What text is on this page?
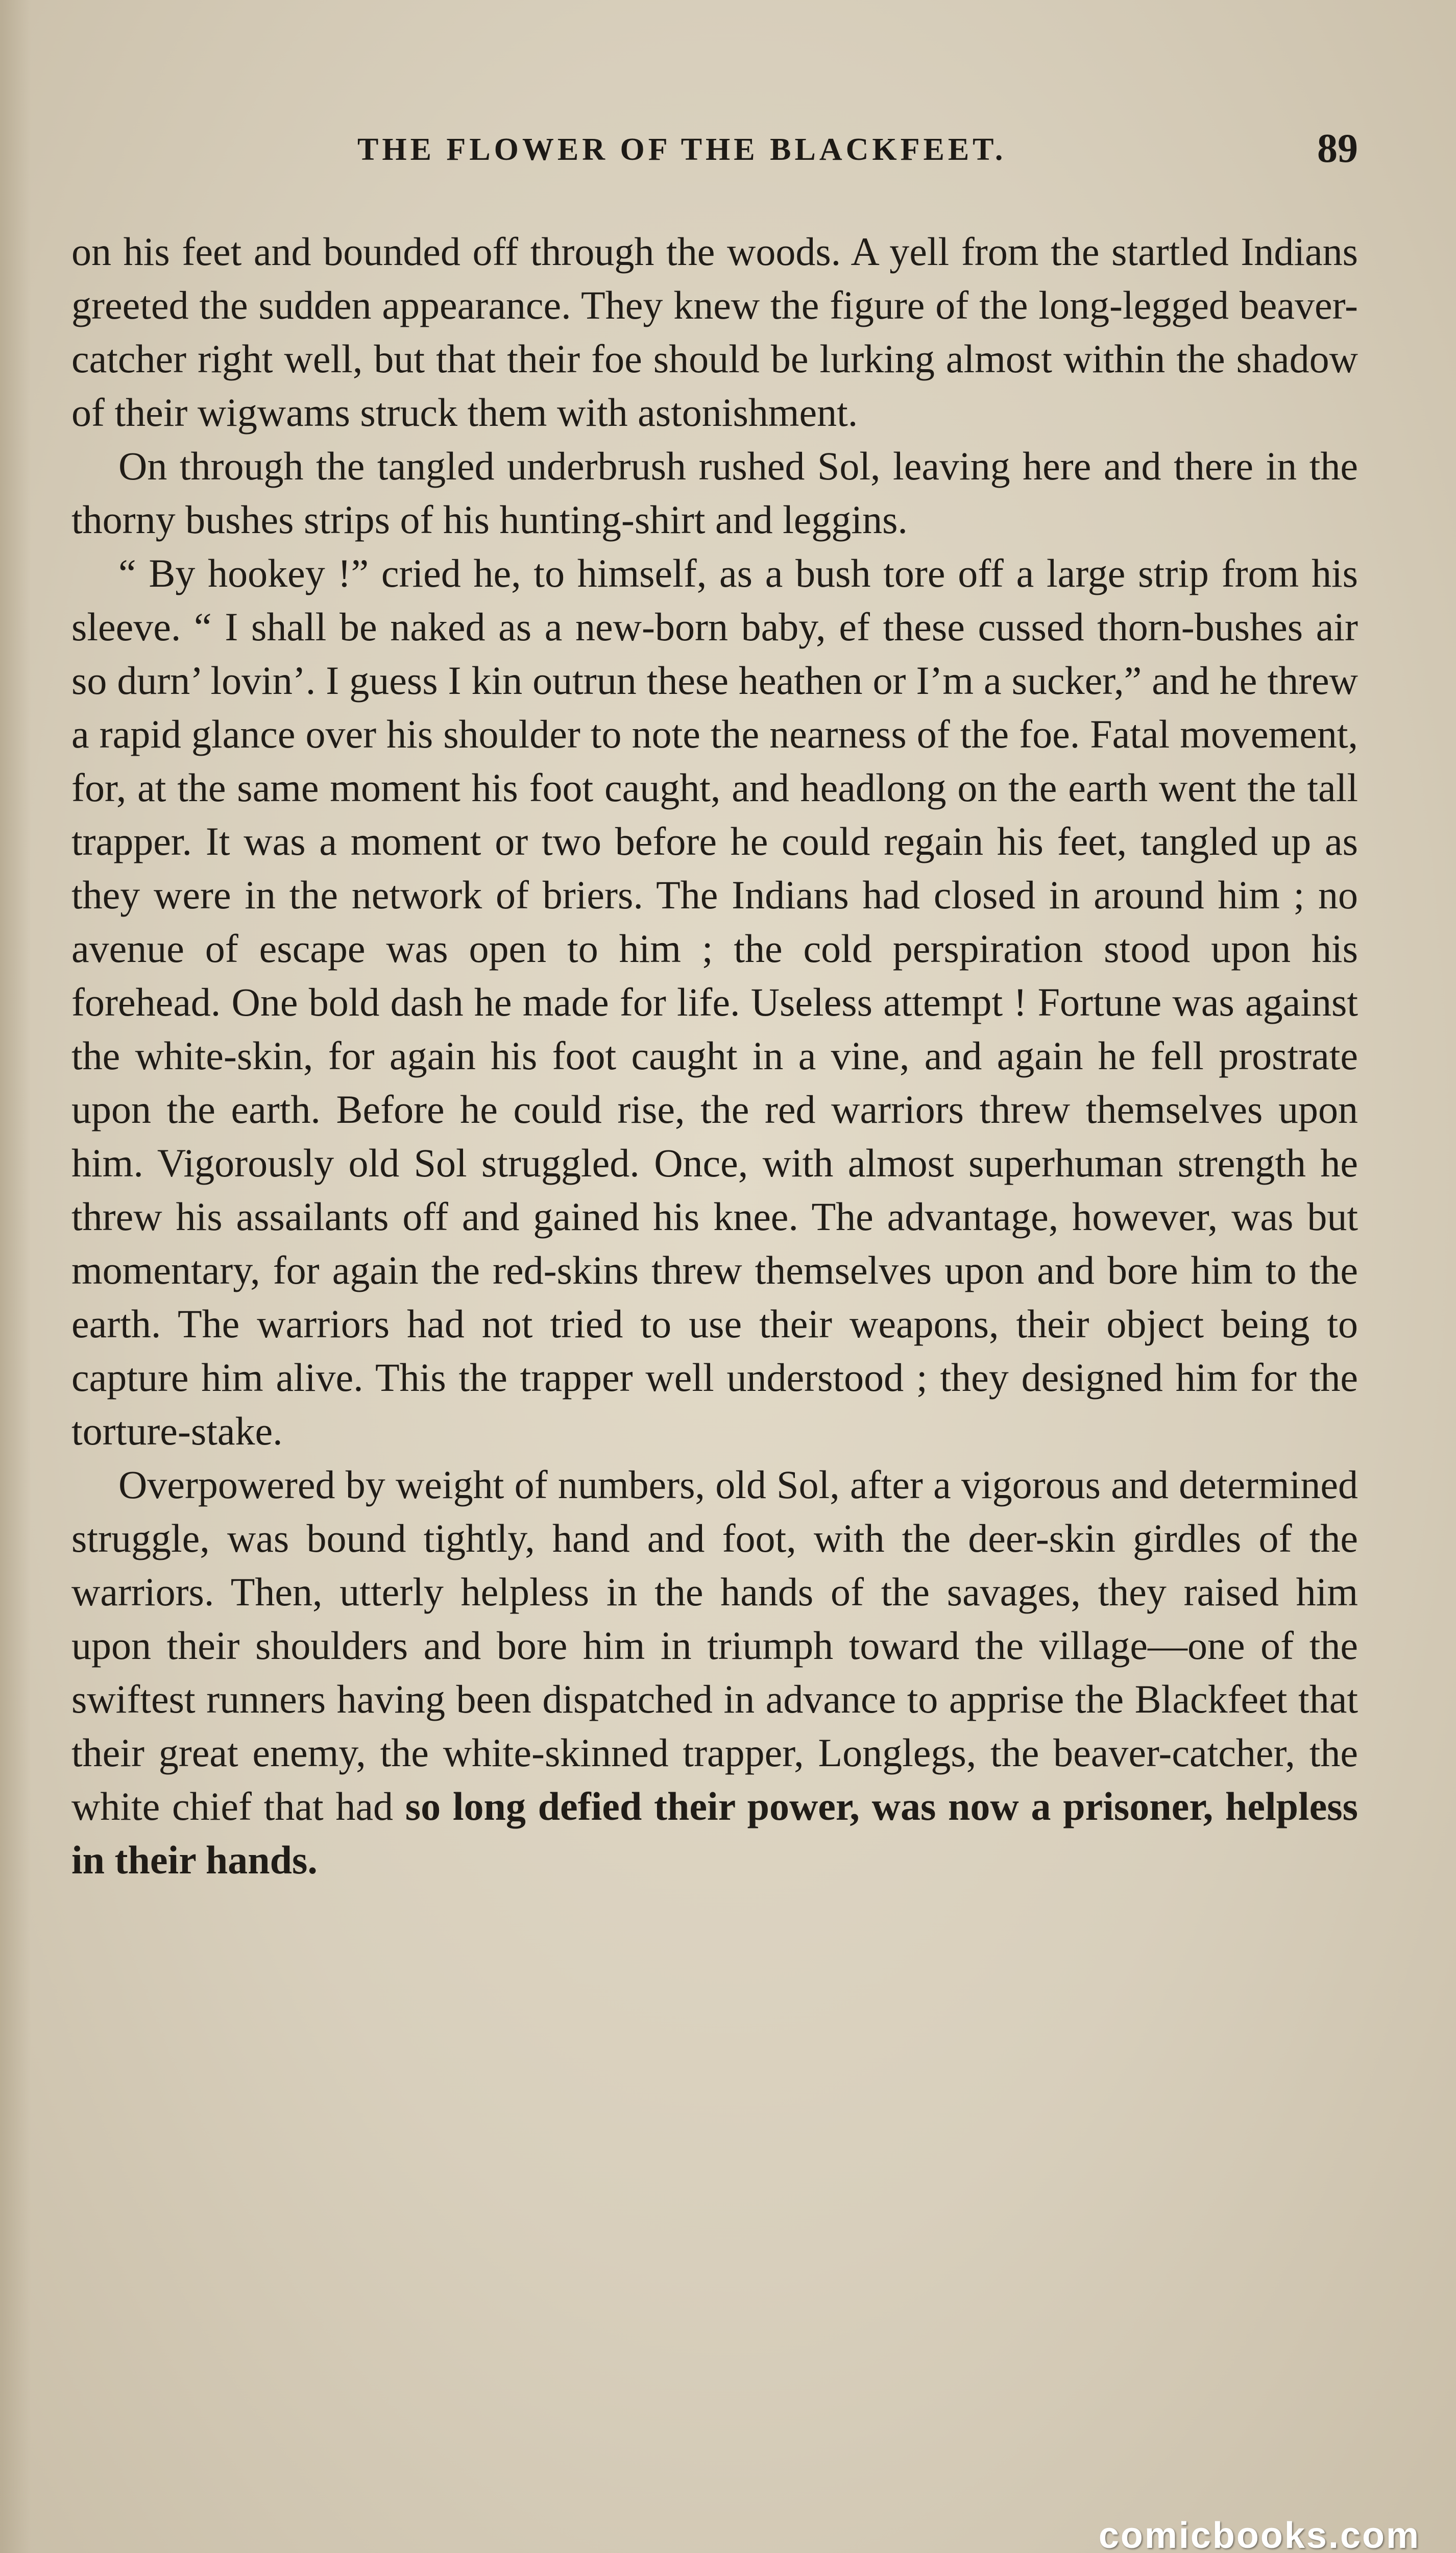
THE FLOWER OF THE BLACKFEET.	89

on his feet and bounded off through the woods. A yell from the startled Indians greeted the sudden appearance. They knew the figure of the long-legged beaver-catcher right well, but that their foe should be lurking almost within the shadow of their wigwams struck them with astonishment.

On through the tangled underbrush rushed Sol, leaving here and there in the thorny bushes strips of his hunting-shirt and leggins.

“ By hookey !” cried he, to himself, as a bush tore off a large strip from his sleeve. “ I shall be naked as a new-born baby, ef these cussed thorn-bushes air so durn’ lovin’. I guess I kin outrun these heathen or I’m a sucker,” and he threw a rapid glance over his shoulder to note the nearness of the foe. Fatal movement, for, at the same moment his foot caught, and headlong on the earth went the tall trapper. It was a moment or two before he could regain his feet, tangled up as they were in the network of briers. The Indians had closed in around him ; no avenue of escape was open to him ; the cold perspiration stood upon his forehead. One bold dash he made for life. Useless attempt ! Fortune was against the white-skin, for again his foot caught in a vine, and again he fell prostrate upon the earth. Before he could rise, the red warriors threw themselves upon him. Vigorously old Sol struggled. Once, with almost superhuman strength he threw his assailants off and gained his knee. The advantage, however, was but momentary, for again the red-skins threw themselves upon and bore him to the earth. The warriors had not tried to use their weapons, their object being to capture him alive. This the trapper well understood ; they designed him for the torture-stake.

Overpowered by weight of numbers, old Sol, after a vigorous and determined struggle, was bound tightly, hand and foot, with the deer-skin girdles of the warriors. Then, utterly helpless in the hands of the savages, they raised him upon their shoulders and bore him in triumph toward the village—one of the swiftest runners having been dispatched in advance to apprise the Blackfeet that their great enemy, the white-skinned trapper, Longlegs, the beaver-catcher, the white chief that had so long defied their power, was now a prisoner, helpless in their hands.

comicbooks.com
